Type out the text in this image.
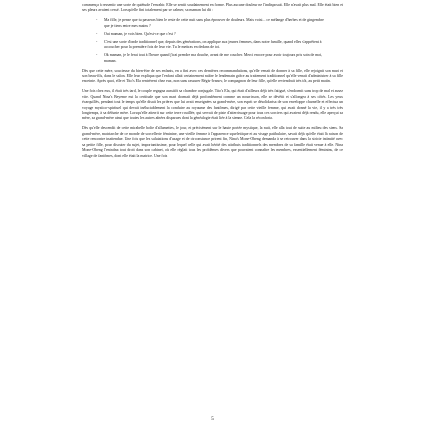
commença à ressentir une sorte de quiétude l'envahir. Elle se sentit soudainement en forme. Plus aucune douleur ne l'indisposait. Elle n'avait plus mal. Elle était bien et ses pleurs avaient cessé. Lorsqu'elle fini totalement par se calmer, sa maman lui dit :

- Ma fille, je pense que tu passeras bien le reste de cette nuit sans plus éprouver de douleurs. Mais voisi... ce mélange d'herbes et de gingembre que je tiens entre mes mains ?
- Oui maman, je vois bien. Qu'est-ce que c'est ?
- C'est une sorte d'onde traditionnel que, depuis des générations, on applique aux jeunes femmes, dans notre famille, quand elles s'apprêtent à accoucher pour la première fois de leur vie. Tu le mettras en dedans de toi.
- Ok maman, je le ferai tout à l'heure quand j'irai prendre ma douche, avant de me coucher. Merci encore pour avoir toujours pris soin de moi, maman.

Dès que cette mère, soucieuse du bien-être de ses enfants, en a fini avec ces dernières recommandations, qu'elle venait de donner à sa fille, elle rejoignit son mari et son beau-fils, dans le salon. Elle leur expliqua que l'enfant allait certainement naître le lendemain grâce au traitement traditionnel qu'elle venait d'administrer à sa fille enceinte. Après quoi, elle et Tito's Ela rentrèrent chez eux, non sans rassurer Régis-Ivanov, le compagnon de leur fille, qu'elle reviendrait très tôt, au petit matin.

Une fois chez eux, il était très tard, le couple regagna aussitôt sa chambre conjugale. Tito's Ela, qui était d'ailleurs déjà très fatigué, s'endormit sans trop de mal et assez vite. Quand Nina's Beyeme eut la certitude que son mari dormait déjà profondément comme un nourrisson, elle se dévêtit et s'allongea à ses côtés. Les yeux écarquillés, pendant tout le temps qu'elle disait les prières que lui avait enseignées sa grand-mère, son esprit se désolidarisa de son enveloppe charnelle et effectua un voyage mystico-spirituel qui devait inéluctablement la conduire au royaume des fantômes, dirigé par cette vieille femme, qui avait donné la vie, il y a très très longtemps, à sa défunte mère. Lorsqu'elle atterrit sur cette terre rouillée, qui servait de piste d'atterrissage pour tous ces sorciers qui avaient déjà rendu, elle aperçut sa mère, sa grand-mère ainsi que toutes les autres aînées disparues dont la généalogie était liée à la sienne. Cela la réconforta.

Dès qu'elle descendit de cette mirabelle boîte d'allumettes, le jour, et précisément sur le haute portée mystique, la nuit, elle alla tout de suite au milieu des siens. Sa grand-mère, matriarche de ce monde de sorcellerie féminine, une vieille femme à l'apparence squelettique et au visage patibulaire, savait déjà qu'elle était là raison de cette rencontre inattendue. Une fois que les salutations d'usage et de circonstance prirent fin, Nina's Mone-Obeng demanda à se retrouver dans la stricte intimité avec sa petite fille, pour discuter du sujet, importantissime, pour lequel celle qui avait hérité des attributs traditionnels des membres de sa famille était venue à elle. Nina Mone-Obeng l'entraîna tout droit dans son cabinet, où elle réglait tous les problèmes divers que pouvaient connaître les membres, essentiellement féminins, de ce village de fantômes, dont elle était la matrice. Une fois

5
